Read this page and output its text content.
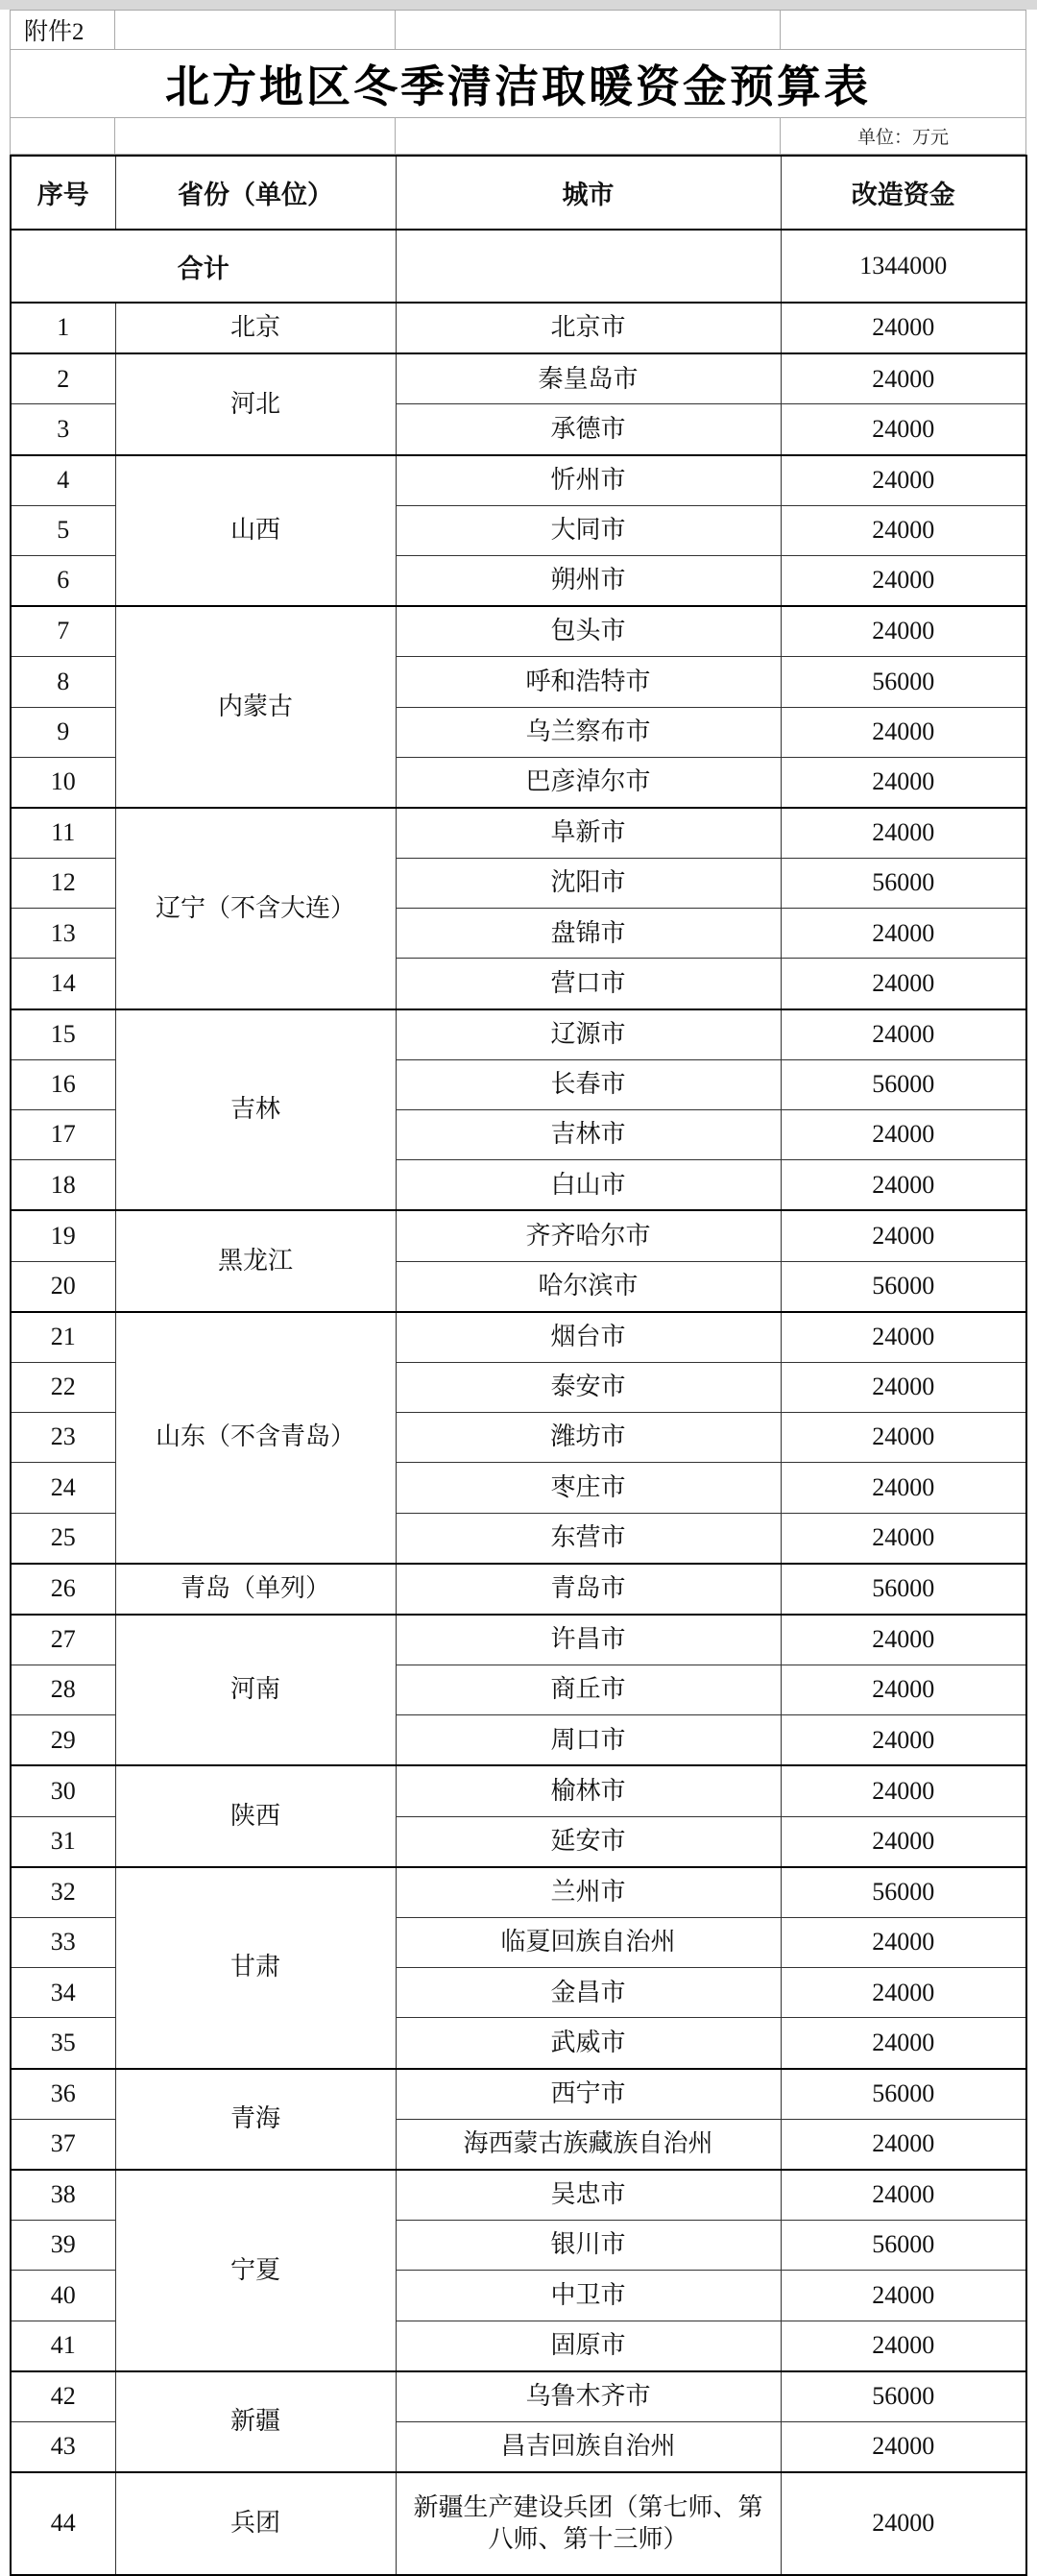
附件2			
北方地区冬季清洁取暖资金预算表			
			单位：万元
序号	省份（单位）	城市	改造资金
合计			1344000
1	北京	北京市	24000
2	河北	秦皇岛市	24000
3		承德市	24000
4	山西	忻州市	24000
5		大同市	24000
6		朔州市	24000
7	内蒙古	包头市	24000
8		呼和浩特市	56000
9		乌兰察布市	24000
10		巴彦淖尔市	24000
11	辽宁（不含大连）	阜新市	24000
12		沈阳市	56000
13		盘锦市	24000
14		营口市	24000
15	吉林	辽源市	24000
16		长春市	56000
17		吉林市	24000
18		白山市	24000
19	黑龙江	齐齐哈尔市	24000
20		哈尔滨市	56000
21	山东（不含青岛）	烟台市	24000
22		泰安市	24000
23		潍坊市	24000
24		枣庄市	24000
25		东营市	24000
26	青岛（单列）	青岛市	56000
27	河南	许昌市	24000
28		商丘市	24000
29		周口市	24000
30	陕西	榆林市	24000
31		延安市	24000
32	甘肃	兰州市	56000
33		临夏回族自治州	24000
34		金昌市	24000
35		武威市	24000
36	青海	西宁市	56000
37		海西蒙古族藏族自治州	24000
38	宁夏	吴忠市	24000
39		银川市	56000
40		中卫市	24000
41		固原市	24000
42	新疆	乌鲁木齐市	56000
43		昌吉回族自治州	24000
44	兵团	新疆生产建设兵团（第七师、第八师、第十三师）	24000
